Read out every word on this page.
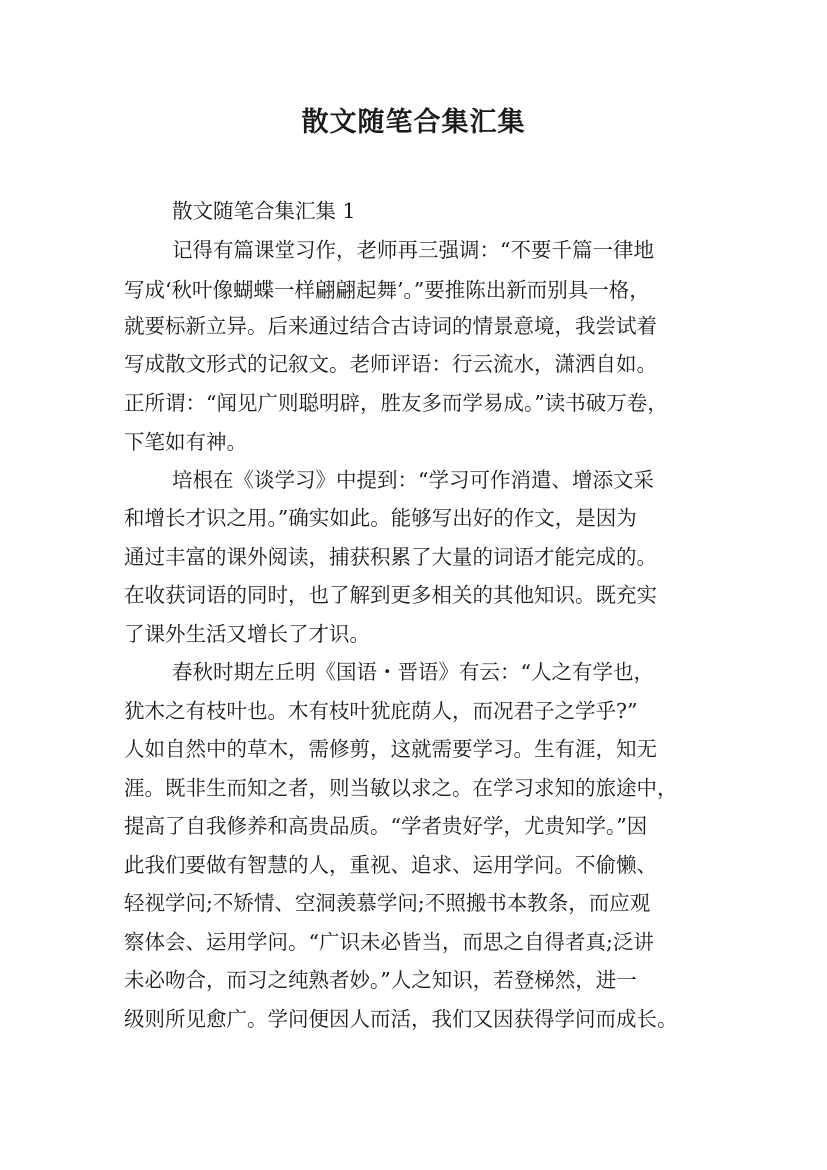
散文随笔合集汇集

散文随笔合集汇集 1

记得有篇课堂习作，老师再三强调：“不要千篇一律地

写成‘秋叶像蝴蝶一样翩翩起舞’。”要推陈出新而别具一格，

就要标新立异。后来通过结合古诗词的情景意境，我尝试着

写成散文形式的记叙文。老师评语：行云流水，潇洒自如。

正所谓：“闻见广则聪明辟，胜友多而学易成。”读书破万卷，

下笔如有神。

培根在《谈学习》中提到：“学习可作消遣、增添文采

和增长才识之用。”确实如此。能够写出好的作文，是因为

通过丰富的课外阅读，捕获积累了大量的词语才能完成的。

在收获词语的同时，也了解到更多相关的其他知识。既充实

了课外生活又增长了才识。

春秋时期左丘明《国语・晋语》有云：“人之有学也，

犹木之有枝叶也。木有枝叶犹庇荫人，而况君子之学乎?”

人如自然中的草木，需修剪，这就需要学习。生有涯，知无

涯。既非生而知之者，则当敏以求之。在学习求知的旅途中，

提高了自我修养和高贵品质。“学者贵好学，尤贵知学。”因

此我们要做有智慧的人，重视、追求、运用学问。不偷懒、

轻视学问;不矫情、空洞羡慕学问;不照搬书本教条，而应观

察体会、运用学问。“广识未必皆当，而思之自得者真;泛讲

未必吻合，而习之纯熟者妙。”人之知识，若登梯然，进一

级则所见愈广。学问便因人而活，我们又因获得学问而成长。
